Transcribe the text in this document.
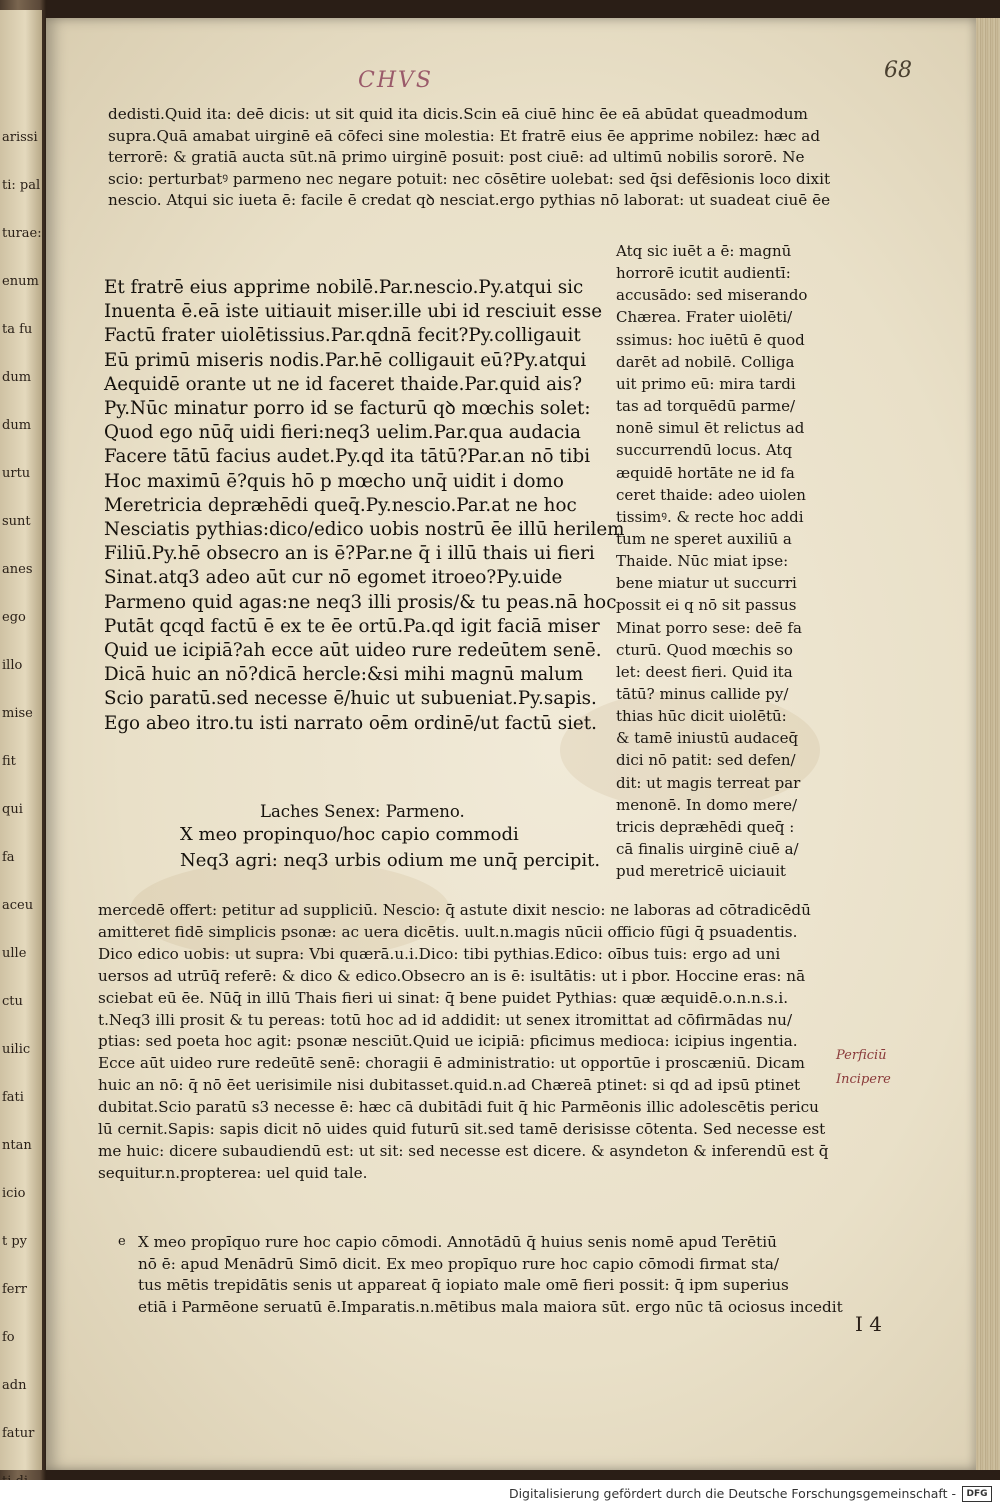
arissi
ti: pal
turae:
enum
ta fu
dum
dum
urtu
sunt
anes
ego
illo
mise
fit
qui
fa
aceu
ulle
ctu
uilic
fati
ntan
icio
t py
ferr
fo
adn
fatur
CHVS	68
dedisti.Quid ita: deē dicis: ut sit quid ita dicis.Scin eā ciuē hinc ēe eā abūdat queadmodum
supra.Quā amabat uirginē eā cōfeci sine molestia: Et fratrē eius ēe apprime nobilez: hæc ad
terrorē: & gratiā aucta sūt.nā primo uirginē posuit: post ciuē: ad ultimū nobilis sororē. Ne
scio: perturbatꝰ parmeno nec negare potuit: nec cōsētire uolebat: sed q̄si defēsionis loco dixit
nescio. Atqui sic iueta ē: facile ē credat qꝺ nesciat.ergo pythias nō laborat: ut suadeat ciuē ēe
Et fratrē eius apprime nobilē.Par.nescio.Py.atqui sic
Inuenta ē.eā iste uitiauit miser.ille ubi id resciuit esse
Factū frater uiolētissius.Par.qdnā fecit?Py.colligauit
Eū primū miseris nodis.Par.hē colligauit eū?Py.atqui
Aequidē orante ut ne id faceret thaide.Par.quid ais?
Py.Nūc minatur porro id se facturū qꝺ mœchis solet:
Quod ego nūq̄ uidi fieri:neq3 uelim.Par.qua audacia
Facere tātū facius audet.Py.qd ita tātū?Par.an nō tibi
Hoc maximū ē?quis hō p mœcho unq̄ uidit i domo
Meretricia depræhēdi queq̄.Py.nescio.Par.at ne hoc
Nesciatis pythias:dico/edico uobis nostrū ēe illū herilem
Filiū.Py.hē obsecro an is ē?Par.ne q̄ i illū thais ui fieri
Sinat.atq3 adeo aūt cur nō egomet itroeo?Py.uide
Parmeno quid agas:ne neq3 illi prosis/& tu peas.nā hoc
Putāt qcqd factū ē ex te ēe ortū.Pa.qd igit faciā miser
Quid ue icipiā?ah ecce aūt uideo rure redeūtem senē.
Dicā huic an nō?dicā hercle:&si mihi magnū malum
Scio paratū.sed necesse ē/huic ut subueniat.Py.sapis.
Ego abeo itro.tu isti narrato oēm ordinē/ut factū siet.
Atq sic iuēt a ē: magnū
horrorē icutit audientī:
accusādo: sed miserando
Chærea. Frater uiolēti/
ssimus: hoc iuētū ē quod
darēt ad nobilē. Colliga
uit primo eū: mira tardi
tas ad torquēdū parme/
nonē simul ēt relictus ad
succurrendū locus. Atq
æquidē hortāte ne id fa
ceret thaide: adeo uiolen
tissimꝰ. & recte hoc addi
tum ne speret auxiliū a
Thaide. Nūc miat ipse:
bene miatur ut succurri
possit ei q nō sit passus
Minat porro sese: deē fa
cturū. Quod mœchis so
let: deest fieri. Quid ita
tātū? minus callide py/
thias hūc dicit uiolētū:
& tamē iniustū audaceq̄
dici nō patit: sed defen/
dit: ut magis terreat par
menonē. In domo mere/
tricis depræhēdi queq̄ :
cā finalis uirginē ciuē a/
pud meretricē uiciauit
Laches Senex: Parmeno.
X meo propinquo/hoc capio commodi
Neq3 agri: neq3 urbis odium me unq̄ percipit.
mercedē offert: petitur ad suppliciū. Nescio: q̄ astute dixit nescio: ne laboras ad cōtradicēdū
amitteret fidē simplicis psonæ: ac uera dicētis. uult.n.magis nūcii officio fūgi q̄ psuadentis.
Dico edico uobis: ut supra: Vbi quærā.u.i.Dico: tibi pythias.Edico: oībus tuis: ergo ad uni
uersos ad utrūq̄ referē: & dico & edico.Obsecro an is ē: isultātis: ut i pbor. Hoccine eras: nā
sciebat eū ēe. Nūq̄ in illū Thais fieri ui sinat: q̄ bene puidet Pythias: quæ æquidē.o.n.n.s.i.
t.Neq3 illi prosit & tu pereas: totū hoc ad id addidit: ut senex itromittat ad cōfirmādas nu/
ptias: sed poeta hoc agit: psonæ nesciūt.Quid ue icipiā: pficimus medioca: icipius ingentia.
Ecce aūt uideo rure redeūtē senē: choragii ē administratio: ut opportūe i proscæniū. Dicam
huic an nō: q̄ nō ēet uerisimile nisi dubitasset.quid.n.ad Chæreā ptinet: si qd ad ipsū ptinet
dubitat.Scio paratū s3 necesse ē: hæc cā dubitādi fuit q̄ hic Parmēonis illic adolescētis pericu
lū cernit.Sapis: sapis dicit nō uides quid futurū sit.sed tamē derisisse cōtenta. Sed necesse est
me huic: dicere subaudiendū est: ut sit: sed necesse est dicere. & asyndeton & inferendū est q̄
sequitur.n.propterea: uel quid tale.
X meo propīquo rure hoc capio cōmodi. Annotādū q̄ huius senis nomē apud Terētiū
nō ē: apud Menādrū Simō dicit. Ex meo propīquo rure hoc capio cōmodi firmat sta/
tus mētis trepidātis senis ut appareat q̄ iopiato male omē fieri possit: q̄ ipm superius
etiā i Parmēone seruatū ē.Imparatis.n.mētibus mala maiora sūt. ergo nūc tā ociosus incedit
e
Perficiū
Incipere
I 4
Digitalisierung gefördert durch die Deutsche Forschungsgemeinschaft -	DFG
